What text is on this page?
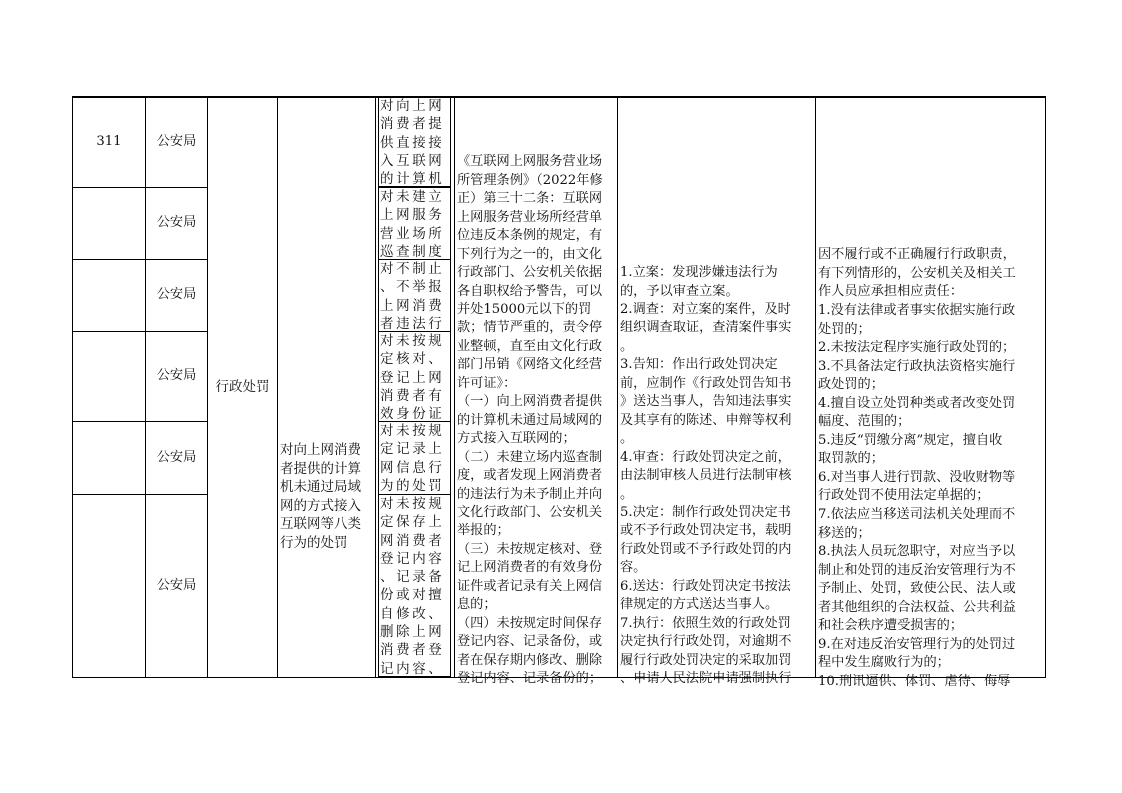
311	公安局
公安局
公安局
公安局
公安局
公安局
行政处罚
对向上网消费者提供的计算机未通过局域网的方式接入互联网等八类行为的处罚
对向上网
消费者提
供直接接
入互联网
的计算机
对未建立
上网服务
营业场所
巡查制度
对不制止
、不举报
上网消费
者违法行
对未按规
定核对、
登记上网
消费者有
效身份证
对未按规
定记录上
网信息行
为的处罚
对未按规
定保存上
网消费者
登记内容
、记录备
份或对擅
自修改、
删除上网
消费者登
记内容、

《互联网上网服务营业场
所管理条例》（2022年修
正）第三十二条：互联网
上网服务营业场所经营单
位违反本条例的规定，有
下列行为之一的，由文化
行政部门、公安机关依据
各自职权给予警告，可以
并处15000元以下的罚
款；情节严重的，责令停
业整顿，直至由文化行政
部门吊销《网络文化经营
许可证》：
（一）向上网消费者提供
的计算机未通过局域网的
方式接入互联网的；
（二）未建立场内巡查制
度，或者发现上网消费者
的违法行为未予制止并向
文化行政部门、公安机关
举报的；
（三）未按规定核对、登
记上网消费者的有效身份
证件或者记录有关上网信
息的；
（四）未按规定时间保存
登记内容、记录备份，或
者在保存期内修改、删除
登记内容、记录备份的；

1.立案：发现涉嫌违法行为
的，予以审查立案。
2.调查：对立案的案件，及时
组织调查取证，查清案件事实
。
3.告知：作出行政处罚决定
前，应制作《行政处罚告知书
》送达当事人，告知违法事实
及其享有的陈述、申辩等权利
。
4.审查：行政处罚决定之前，
由法制审核人员进行法制审核
。
5.决定：制作行政处罚决定书
或不予行政处罚决定书，载明
行政处罚或不予行政处罚的内
容。
6.送达：行政处罚决定书按法
律规定的方式送达当事人。
7.执行：依照生效的行政处罚
决定执行行政处罚，对逾期不
履行行政处罚决定的采取加罚
、申请人民法院申请强制执行

因不履行或不正确履行行政职责，
有下列情形的，公安机关及相关工
作人员应承担相应责任：
1.没有法律或者事实依据实施行政
处罚的；
2.未按法定程序实施行政处罚的；
3.不具备法定行政执法资格实施行
政处罚的；
4.擅自设立处罚种类或者改变处罚
幅度、范围的；
5.违反“罚缴分离”规定，擅自收
取罚款的；
6.对当事人进行罚款、没收财物等
行政处罚不使用法定单据的；
7.依法应当移送司法机关处理而不
移送的；
8.执法人员玩忽职守，对应当予以
制止和处罚的违反治安管理行为不
予制止、处罚，致使公民、法人或
者其他组织的合法权益、公共利益
和社会秩序遭受损害的；
9.在对违反治安管理行为的处罚过
程中发生腐败行为的；
10.刑讯逼供、体罚、虐待、侮辱
